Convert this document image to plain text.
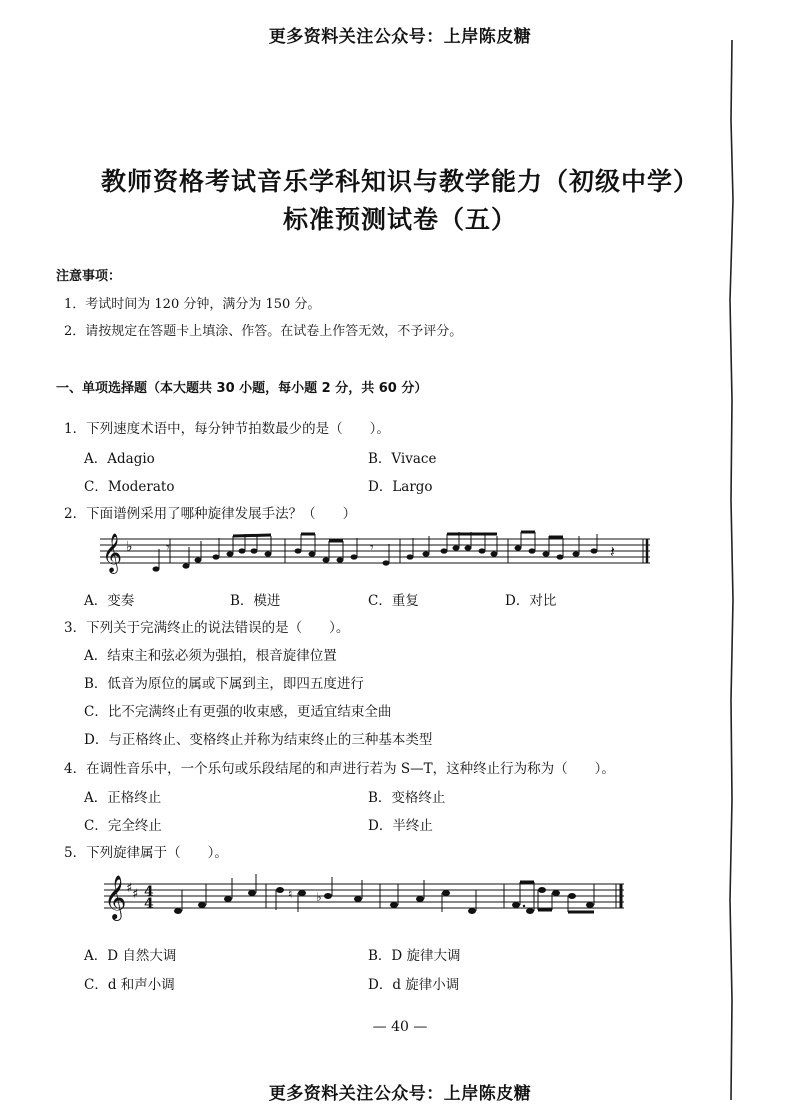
更多资料关注公众号：上岸陈皮糖
教师资格考试音乐学科知识与教学能力（初级中学）
标准预测试卷（五）
注意事项：
1．考试时间为 120 分钟，满分为 150 分。
2．请按规定在答题卡上填涂、作答。在试卷上作答无效，不予评分。
一、单项选择题（本大题共 30 小题，每小题 2 分，共 60 分）
1．下列速度术语中，每分钟节拍数最少的是（　　）。
A．Adagio	B．Vivace
C．Moderato	D．Largo
2．下面谱例采用了哪种旋律发展手法？（　　）
𝄞 ♭ 𝄾	𝄾	𝄽
A．变奏	B．模进	C．重复	D．对比
3．下列关于完满终止的说法错误的是（　　）。
A．结束主和弦必须为强拍，根音旋律位置
B．低音为原位的属或下属到主，即四五度进行
C．比不完满终止有更强的收束感，更适宜结束全曲
D．与正格终止、变格终止并称为结束终止的三种基本类型
4．在调性音乐中，一个乐句或乐段结尾的和声进行若为 S—T，这种终止行为称为（　　）。
A．正格终止	B．变格终止
C．完全终止	D．半终止
5．下列旋律属于（　　）。
𝄞 ♯ ♯ 4
4
♮ ♭
A．D 自然大调	B．D 旋律大调
C．d 和声小调	D．d 旋律小调
— 40 —
更多资料关注公众号：上岸陈皮糖
